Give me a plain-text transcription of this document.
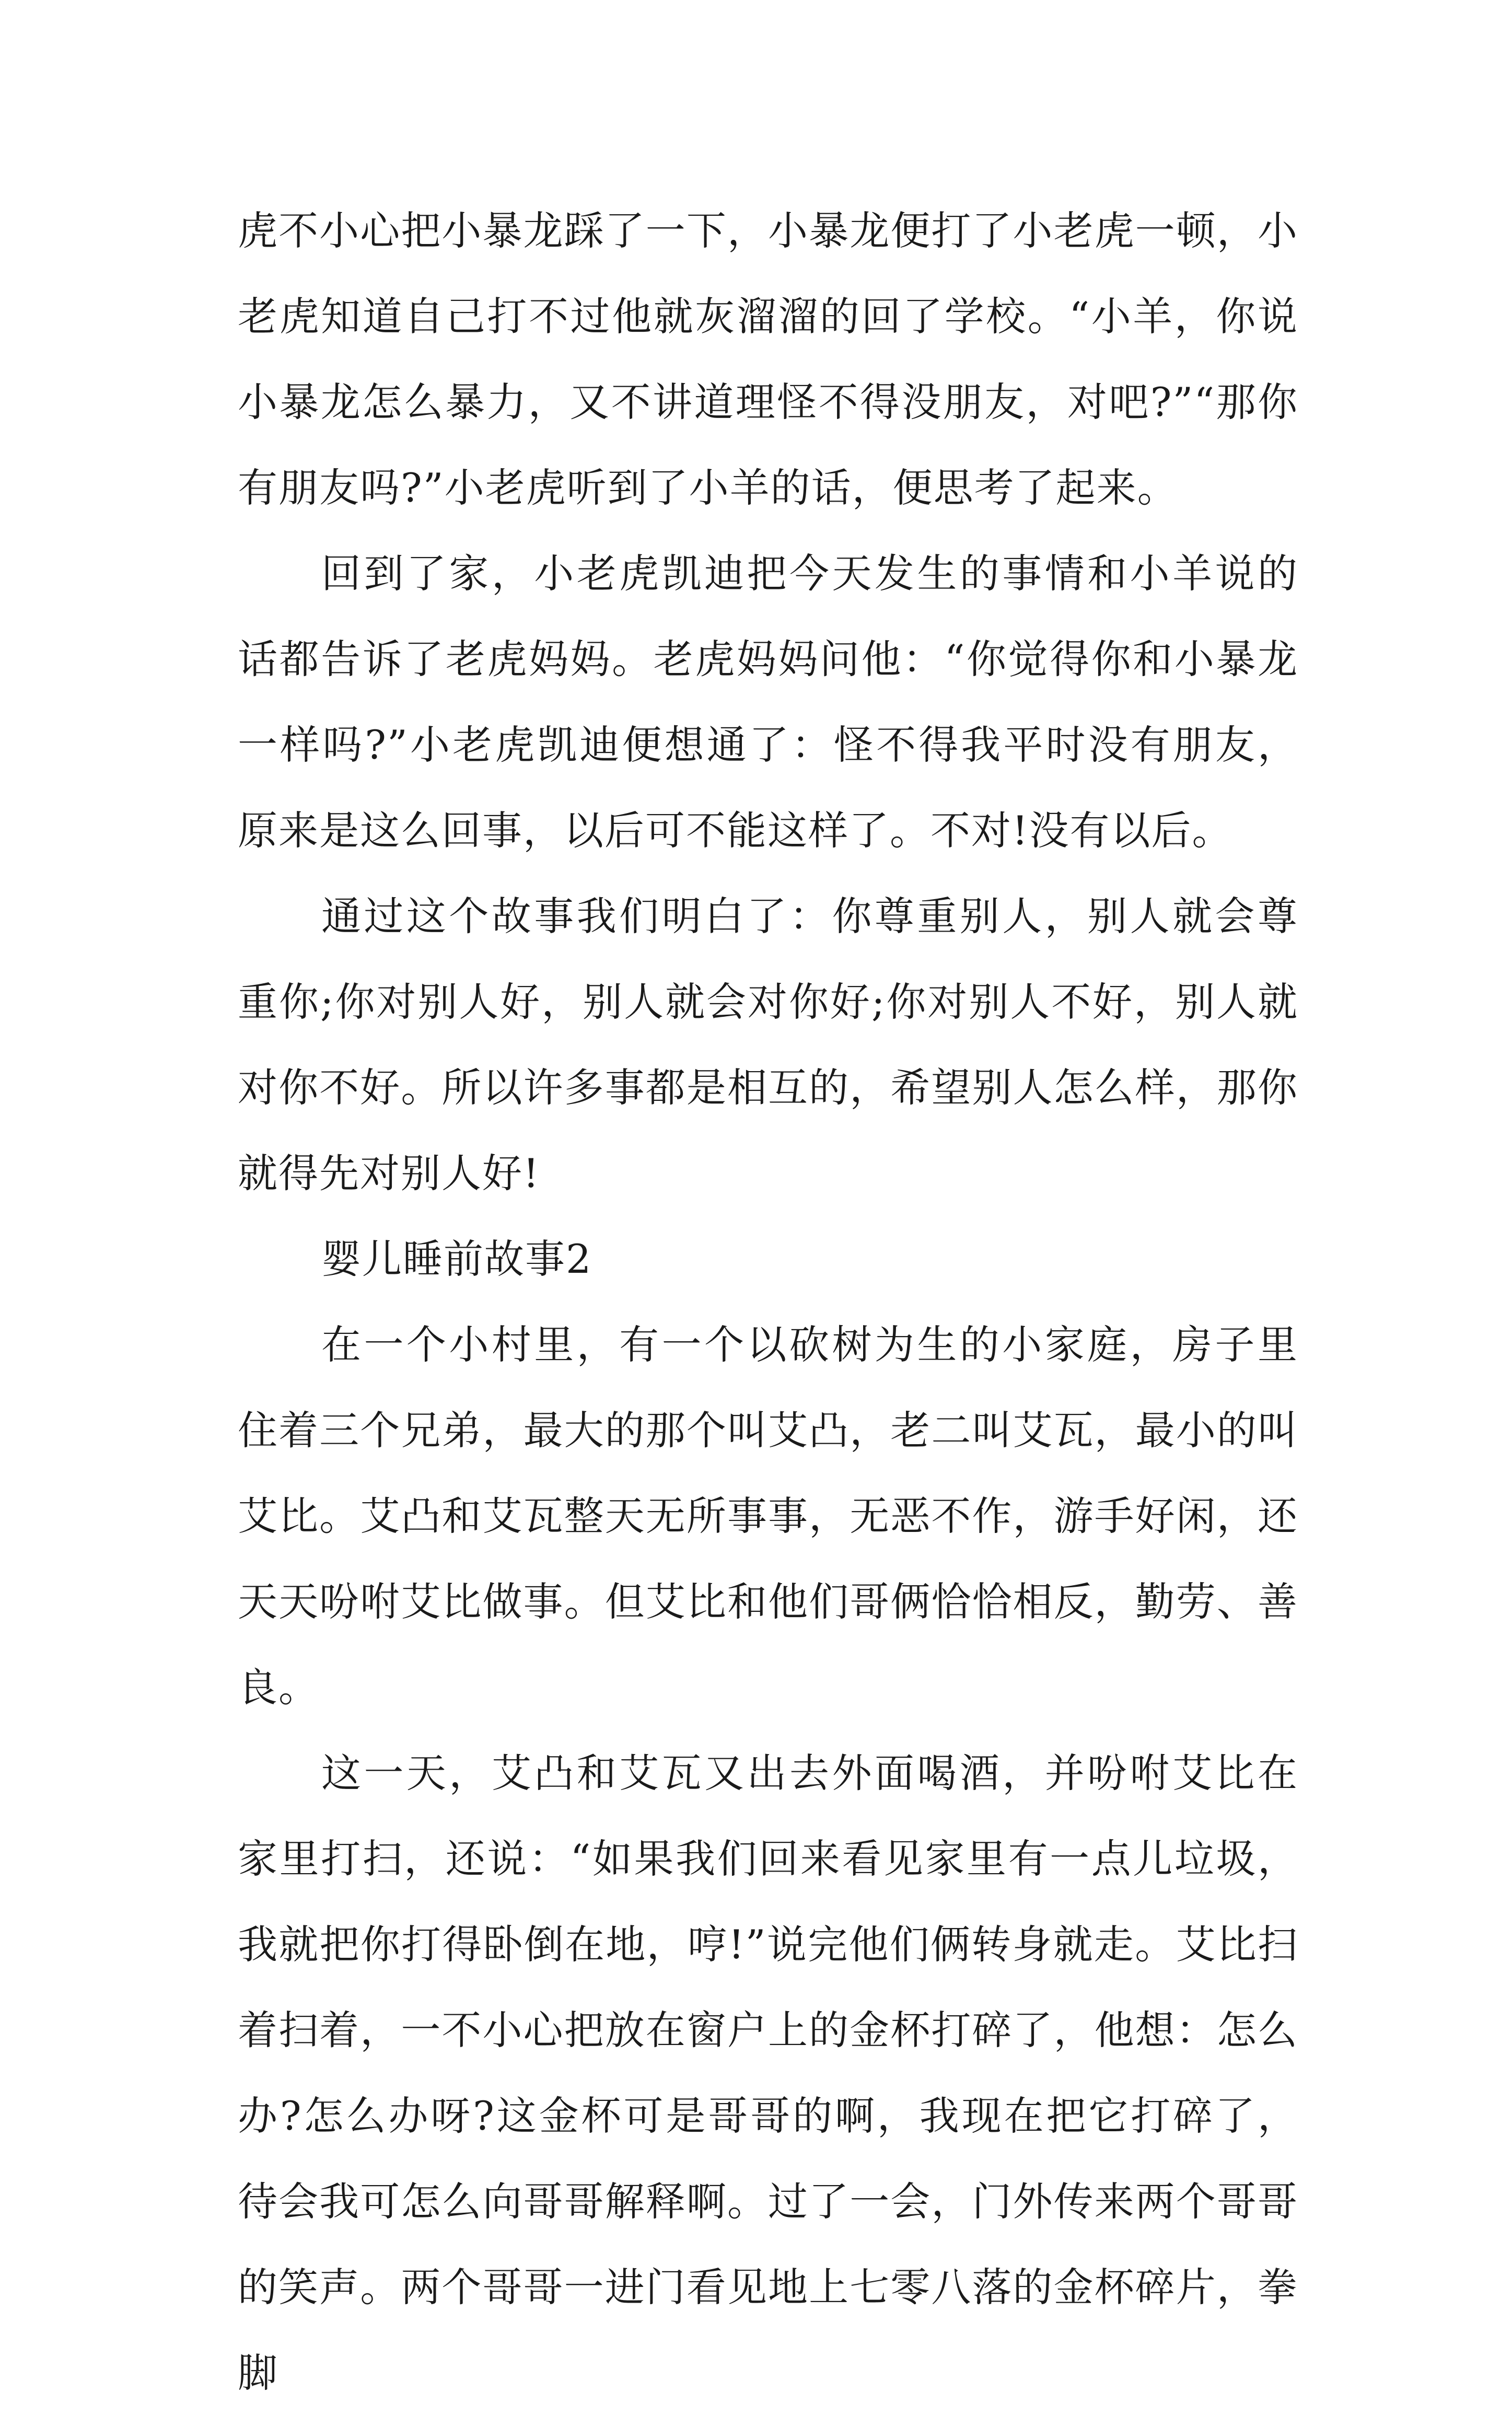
虎不小心把小暴龙踩了一下，小暴龙便打了小老虎一顿，小老虎知道自己打不过他就灰溜溜的回了学校。“小羊，你说小暴龙怎么暴力，又不讲道理怪不得没朋友，对吧?”“那你有朋友吗?”小老虎听到了小羊的话，便思考了起来。

回到了家，小老虎凯迪把今天发生的事情和小羊说的话都告诉了老虎妈妈。老虎妈妈问他：“你觉得你和小暴龙一样吗?”小老虎凯迪便想通了：怪不得我平时没有朋友，原来是这么回事，以后可不能这样了。不对!没有以后。

通过这个故事我们明白了：你尊重别人，别人就会尊重你;你对别人好，别人就会对你好;你对别人不好，别人就对你不好。所以许多事都是相互的，希望别人怎么样，那你就得先对别人好!

婴儿睡前故事2

在一个小村里，有一个以砍树为生的小家庭，房子里住着三个兄弟，最大的那个叫艾凸，老二叫艾瓦，最小的叫艾比。艾凸和艾瓦整天无所事事，无恶不作，游手好闲，还天天吩咐艾比做事。但艾比和他们哥俩恰恰相反，勤劳、善良。

这一天，艾凸和艾瓦又出去外面喝酒，并吩咐艾比在家里打扫，还说：“如果我们回来看见家里有一点儿垃圾，我就把你打得卧倒在地，哼!”说完他们俩转身就走。艾比扫着扫着，一不小心把放在窗户上的金杯打碎了，他想：怎么办?怎么办呀?这金杯可是哥哥的啊，我现在把它打碎了，待会我可怎么向哥哥解释啊。过了一会，门外传来两个哥哥的笑声。两个哥哥一进门看见地上七零八落的金杯碎片，拳脚
